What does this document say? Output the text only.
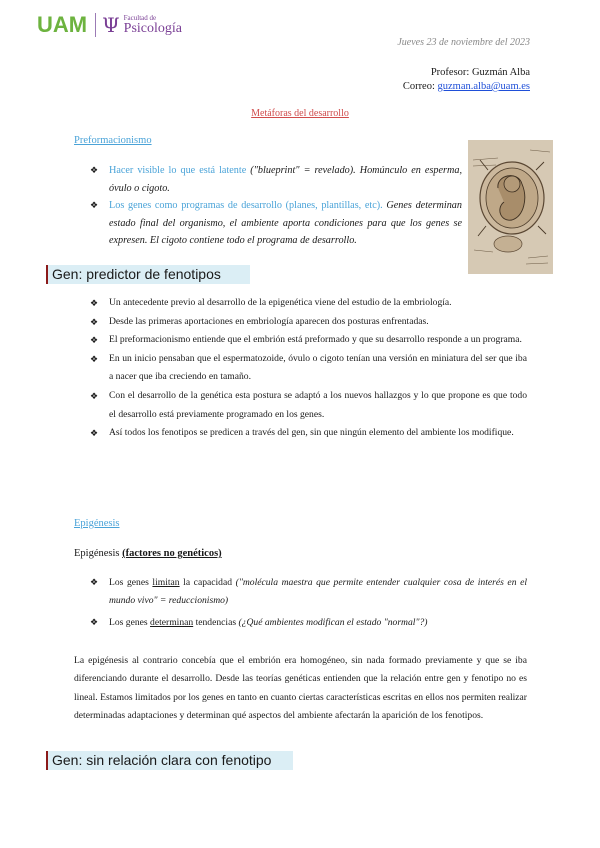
UAM Ψ Facultad de
Psicología
Jueves 23 de noviembre del 2023
Profesor: Guzmán Alba
Correo: guzman.alba@uam.es
Metáforas del desarrollo
Preformacionismo

❖ Hacer visible lo que está latente ("blueprint" = revelado). Homúnculo en esperma, óvulo o cigoto.

❖ Los genes como programas de desarrollo (planes, plantillas, etc). Genes determinan estado final del organismo, el ambiente aporta condiciones para que los genes se expresen. El cigoto contiene todo el programa de desarrollo.

Gen: predictor de fenotipos

❖ Un antecedente previo al desarrollo de la epigenética viene del estudio de la embriología.

❖ Desde las primeras aportaciones en embriología aparecen dos posturas enfrentadas.

❖ El preformacionismo entiende que el embrión está preformado y que su desarrollo responde a un programa.

❖ En un inicio pensaban que el espermatozoide, óvulo o cigoto tenían una versión en miniatura del ser que iba a nacer que iba creciendo en tamaño.

❖ Con el desarrollo de la genética esta postura se adaptó a los nuevos hallazgos y lo que propone es que todo el desarrollo está previamente programado en los genes.

❖ Así todos los fenotipos se predicen a través del gen, sin que ningún elemento del ambiente los modifique.

Epigénesis
Epigénesis (factores no genéticos)

❖ Los genes limitan la capacidad ("molécula maestra que permite entender cualquier cosa de interés en el mundo vivo" = reduccionismo)

❖ Los genes determinan tendencias (¿Qué ambientes modifican el estado "normal"?)

La epigénesis al contrario concebía que el embrión era homogéneo, sin nada formado previamente y que se iba diferenciando durante el desarrollo. Desde las teorías genéticas entienden que la relación entre gen y fenotipo no es lineal. Estamos limitados por los genes en tanto en cuanto ciertas características escritas en ellos nos permiten realizar determinadas adaptaciones y determinan qué aspectos del ambiente afectarán la aparición de los fenotipos.
Gen: sin relación clara con fenotipo
